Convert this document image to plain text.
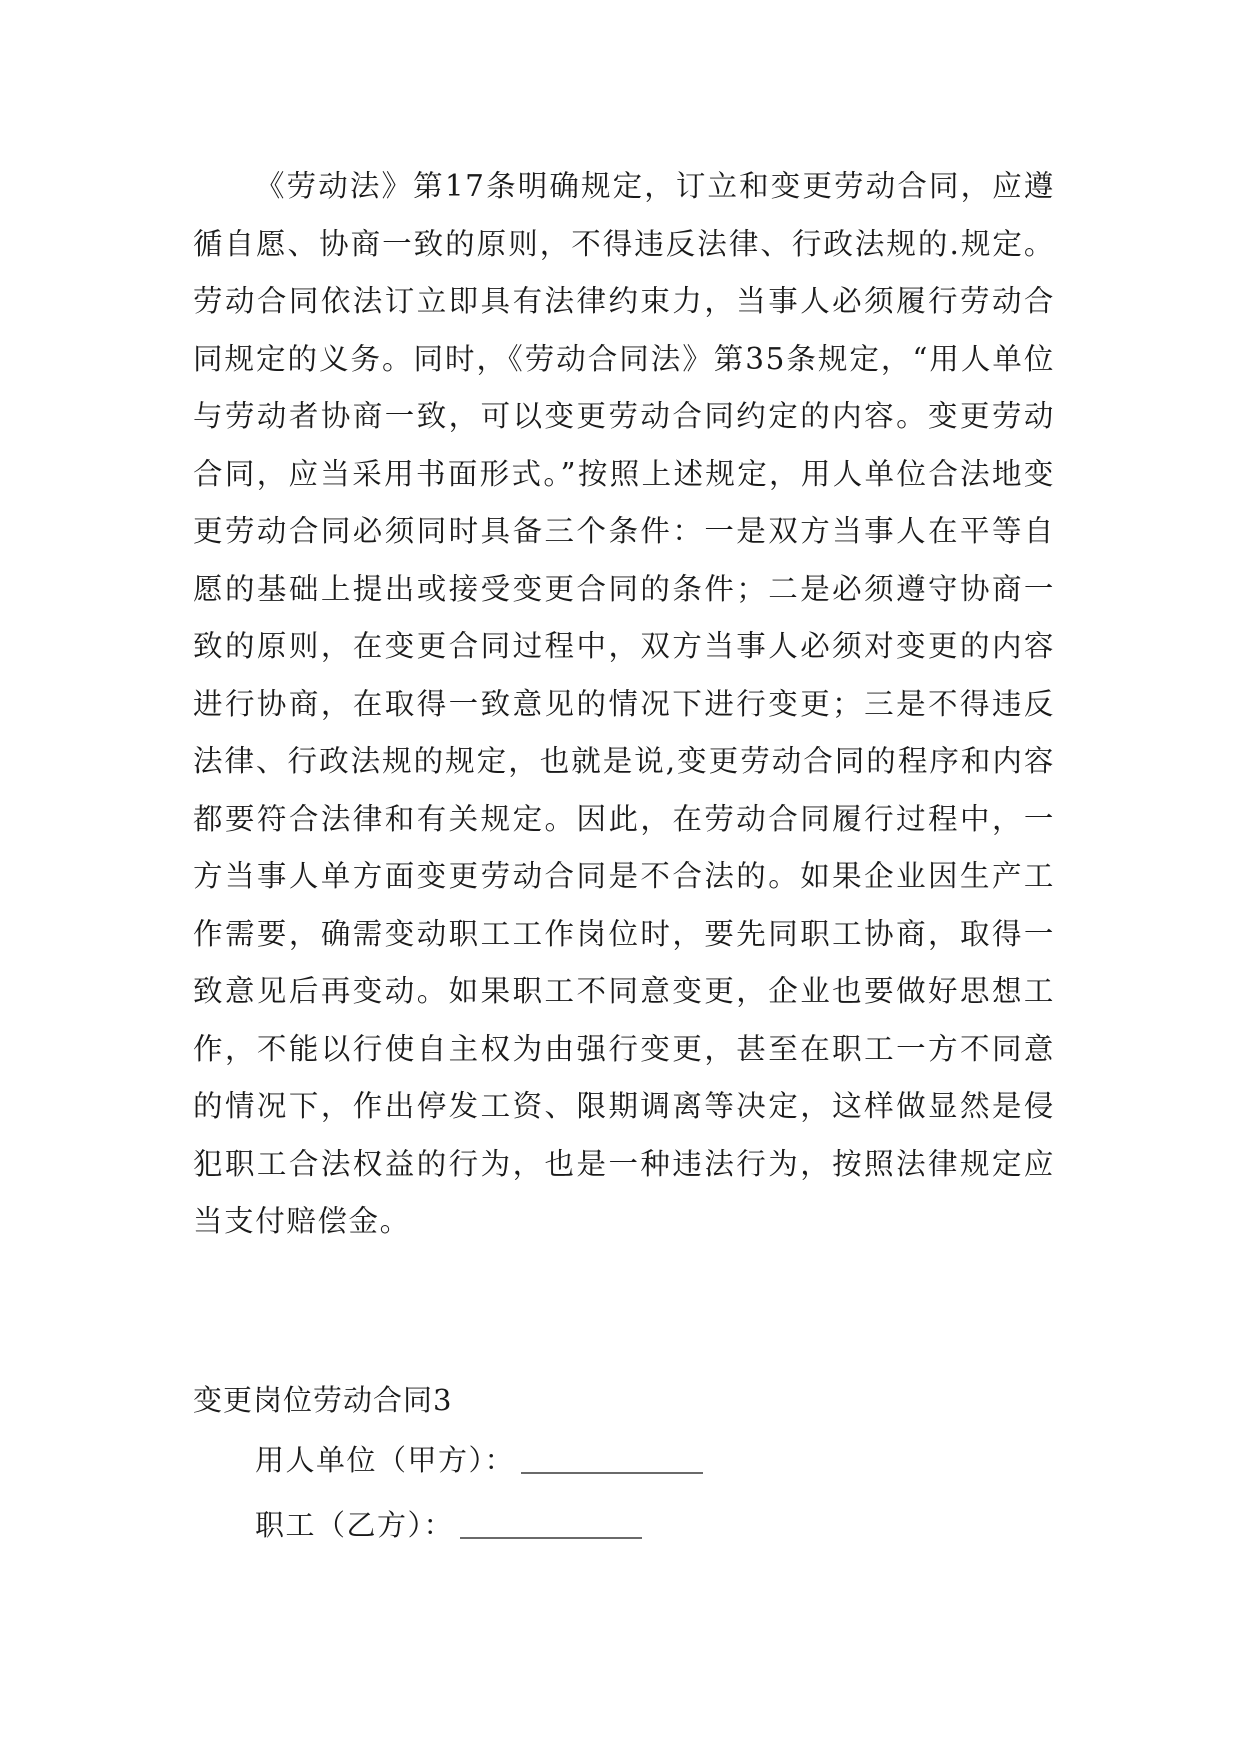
《劳动法》第17条明确规定，订立和变更劳动合同，应遵循自愿、协商一致的原则，不得违反法律、行政法规的.规定。劳动合同依法订立即具有法律约束力，当事人必须履行劳动合同规定的义务。同时，《劳动合同法》第35条规定，“用人单位与劳动者协商一致，可以变更劳动合同约定的内容。变更劳动合同，应当采用书面形式。”按照上述规定，用人单位合法地变更劳动合同必须同时具备三个条件：一是双方当事人在平等自愿的基础上提出或接受变更合同的条件；二是必须遵守协商一致的原则，在变更合同过程中，双方当事人必须对变更的内容进行协商，在取得一致意见的情况下进行变更；三是不得违反法律、行政法规的规定，也就是说,变更劳动合同的程序和内容都要符合法律和有关规定。因此，在劳动合同履行过程中，一方当事人单方面变更劳动合同是不合法的。如果企业因生产工作需要，确需变动职工工作岗位时，要先同职工协商，取得一致意见后再变动。如果职工不同意变更，企业也要做好思想工作，不能以行使自主权为由强行变更，甚至在职工一方不同意的情况下，作出停发工资、限期调离等决定，这样做显然是侵犯职工合法权益的行为，也是一种违法行为，按照法律规定应当支付赔偿金。

变更岗位劳动合同3

用人单位（甲方）：
职工（乙方）：
